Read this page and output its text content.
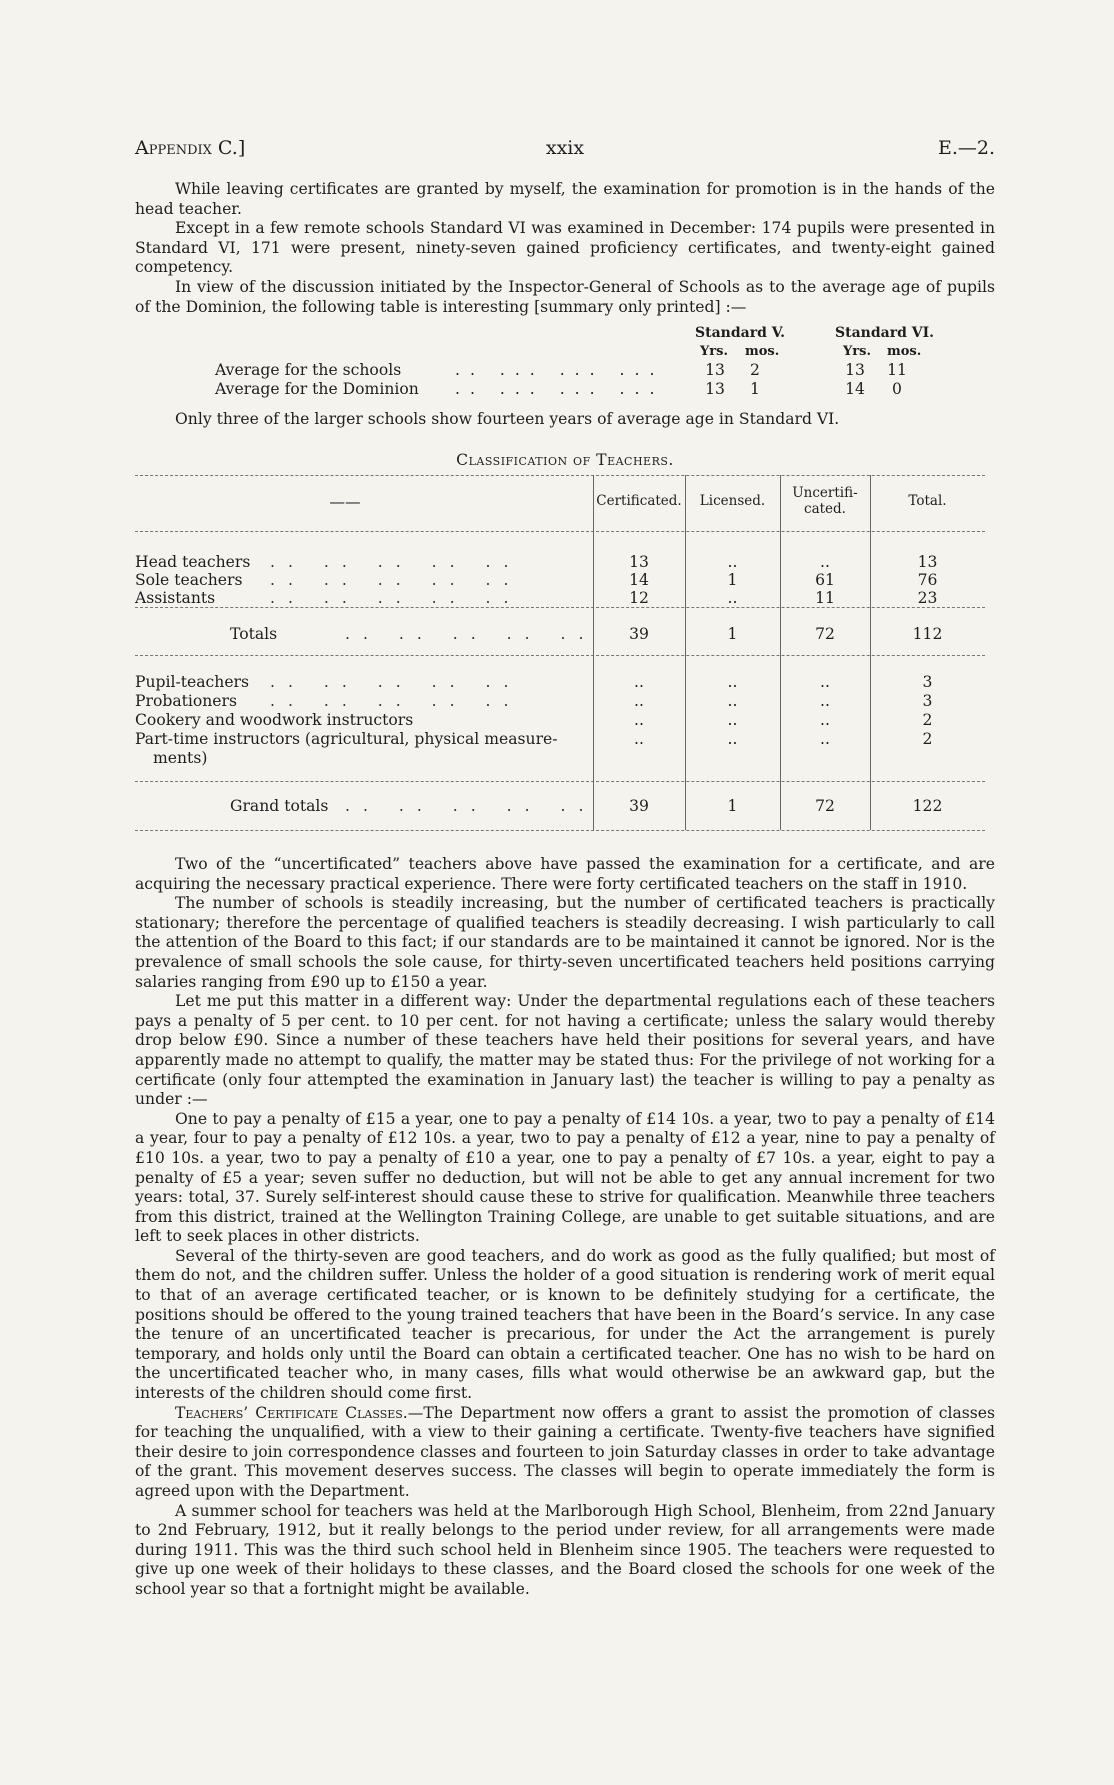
Appendix C.]	xxix	E.—2.

While leaving certificates are granted by myself, the examination for promotion is in the hands of the head teacher.

Except in a few remote schools Standard VI was examined in December: 174 pupils were presented in Standard VI, 171 were present, ninety-seven gained proficiency certificates, and twenty-eight gained competency.

In view of the discussion initiated by the Inspector-General of Schools as to the average age of pupils of the Dominion, the following table is interesting [summary only printed] :—

Standard V.	Standard VI.
Yrs. mos.	Yrs. mos.
Average for the schools	.. ... ... ...	13	2	13	11
Average for the Dominion .. ... ... ...	13	1	14	0

Only three of the larger schools show fourteen years of average age in Standard VI.

Classification of Teachers.
——	Certificated.	Licensed.	Uncertifi-
cated.	Total.
Head teachers .. .. .. .. ..	13	..	..	13
Sole teachers .. .. .. .. ..	14	1	61	76
Assistants	.. .. .. .. ..	12	..	11	23
Totals	.. .. .. .. ..	39	1	72	112
Pupil-teachers .. .. .. .. ..	..	..	..	3
Probationers .. .. .. .. ..	..	..	..	3
Cookery and woodwork instructors	..	..	..	2
Part-time instructors (agricultural, physical measure-
ments)
..	..	..	2
Grand totals .. .. .. .. ..	39	1	72	122

Two of the “uncertificated” teachers above have passed the examination for a certificate, and are acquiring the necessary practical experience. There were forty certificated teachers on the staff in 1910.

The number of schools is steadily increasing, but the number of certificated teachers is practically stationary; therefore the percentage of qualified teachers is steadily decreasing. I wish particularly to call the attention of the Board to this fact; if our standards are to be maintained it cannot be ignored. Nor is the prevalence of small schools the sole cause, for thirty-seven uncertificated teachers held positions carrying salaries ranging from £90 up to £150 a year.

Let me put this matter in a different way: Under the departmental regulations each of these teachers pays a penalty of 5 per cent. to 10 per cent. for not having a certificate; unless the salary would thereby drop below £90. Since a number of these teachers have held their positions for several years, and have apparently made no attempt to qualify, the matter may be stated thus: For the privilege of not working for a certificate (only four attempted the examination in January last) the teacher is willing to pay a penalty as under :—

One to pay a penalty of £15 a year, one to pay a penalty of £14 10s. a year, two to pay a penalty of £14 a year, four to pay a penalty of £12 10s. a year, two to pay a penalty of £12 a year, nine to pay a penalty of £10 10s. a year, two to pay a penalty of £10 a year, one to pay a penalty of £7 10s. a year, eight to pay a penalty of £5 a year; seven suffer no deduction, but will not be able to get any annual increment for two years: total, 37. Surely self-interest should cause these to strive for qualification. Meanwhile three teachers from this district, trained at the Wellington Training College, are unable to get suitable situations, and are left to seek places in other districts.

Several of the thirty-seven are good teachers, and do work as good as the fully qualified; but most of them do not, and the children suffer. Unless the holder of a good situation is rendering work of merit equal to that of an average certificated teacher, or is known to be definitely studying for a certificate, the positions should be offered to the young trained teachers that have been in the Board’s service. In any case the tenure of an uncertificated teacher is precarious, for under the Act the arrangement is purely temporary, and holds only until the Board can obtain a certificated teacher. One has no wish to be hard on the uncertificated teacher who, in many cases, fills what would otherwise be an awkward gap, but the interests of the children should come first.

Teachers’ Certificate Classes.—The Department now offers a grant to assist the promotion of classes for teaching the unqualified, with a view to their gaining a certificate. Twenty-five teachers have signified their desire to join correspondence classes and fourteen to join Saturday classes in order to take advantage of the grant. This movement deserves success. The classes will begin to operate immediately the form is agreed upon with the Department.

A summer school for teachers was held at the Marlborough High School, Blenheim, from 22nd January to 2nd February, 1912, but it really belongs to the period under review, for all arrangements were made during 1911. This was the third such school held in Blenheim since 1905. The teachers were requested to give up one week of their holidays to these classes, and the Board closed the schools for one week of the school year so that a fortnight might be available.
